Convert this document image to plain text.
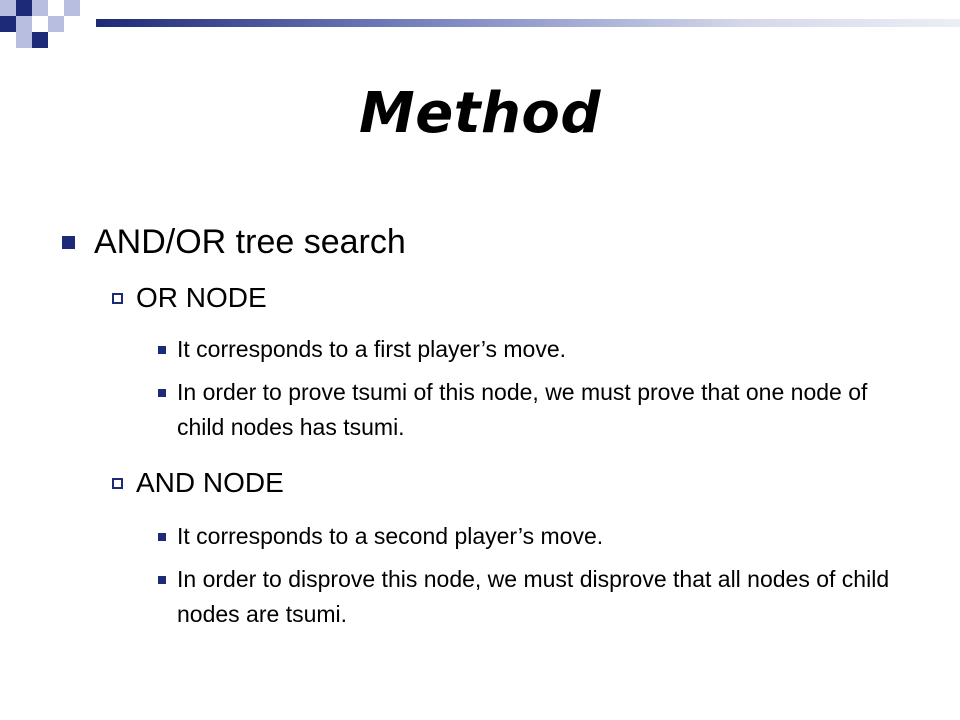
Method
AND/OR tree search
OR NODE
It corresponds to a first player’s move.
In order to prove tsumi of this node, we must prove that one node of child nodes has tsumi.
AND NODE
It corresponds to a second player’s move.
In order to disprove this node, we must disprove that all nodes of child nodes are tsumi.
